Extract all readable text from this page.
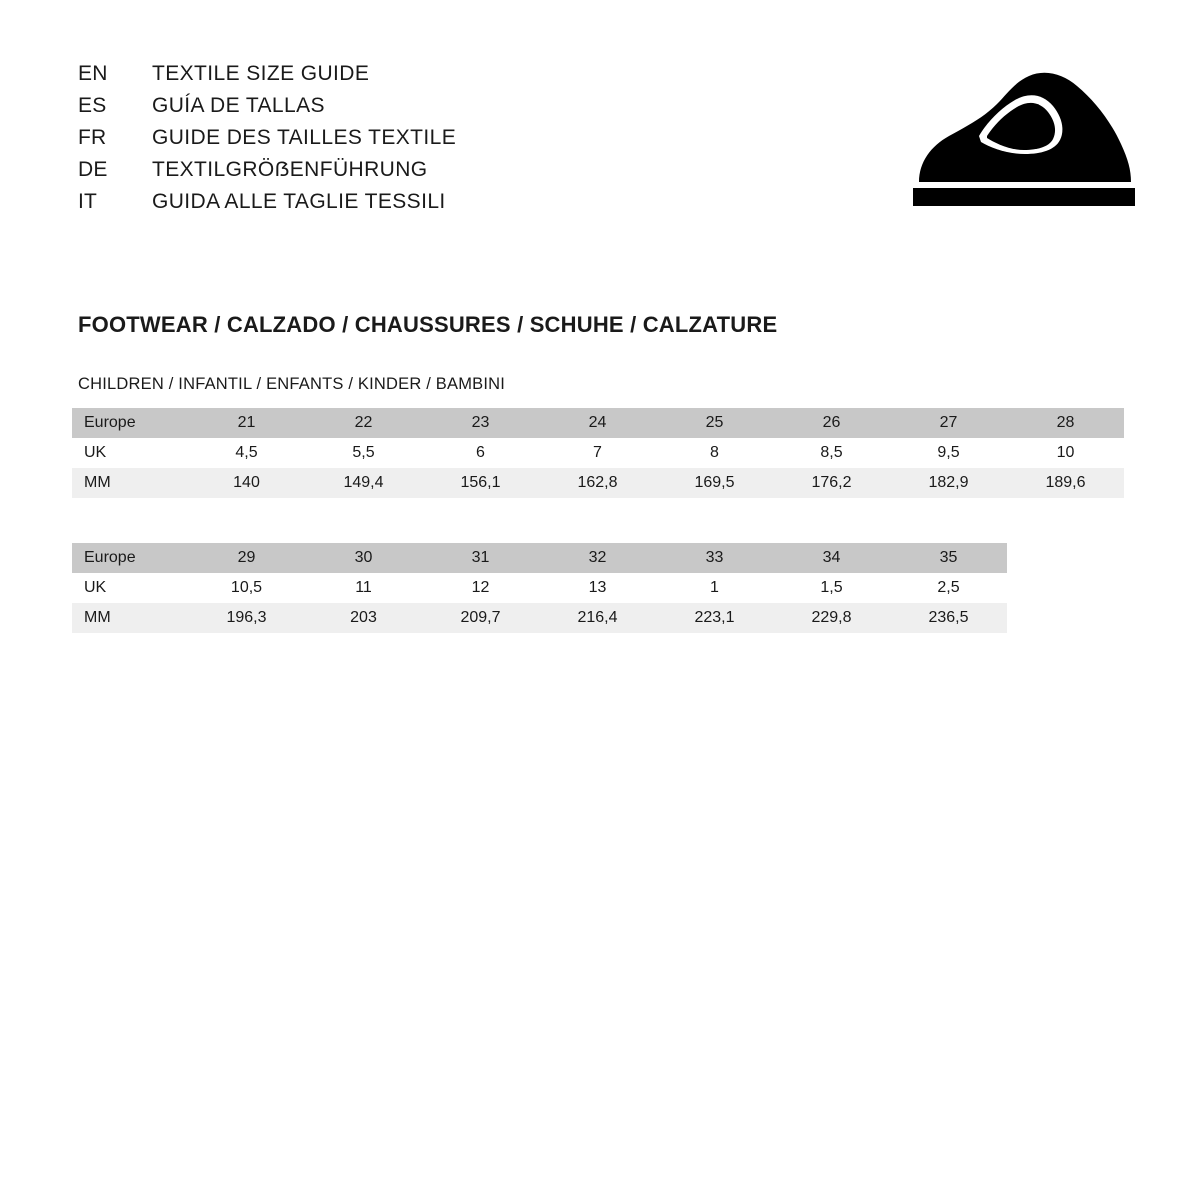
EN	TEXTILE SIZE GUIDE
ES	GUÍA DE TALLAS
FR	GUIDE DES TAILLES TEXTILE
DE	TEXTILGRÖẞENFÜHRUNG
IT	GUIDA ALLE TAGLIE TESSILI
FOOTWEAR / CALZADO / CHAUSSURES / SCHUHE / CALZATURE
CHILDREN / INFANTIL / ENFANTS / KINDER / BAMBINI
Europe	21	22	23	24	25	26	27	28
UK	4,5	5,5	6	7	8	8,5	9,5	10
MM	140	149,4	156,1	162,8	169,5	176,2	182,9	189,6
Europe	29	30	31	32	33	34	35	
UK	10,5	11	12	13	1	1,5	2,5	
MM	196,3	203	209,7	216,4	223,1	229,8	236,5	
